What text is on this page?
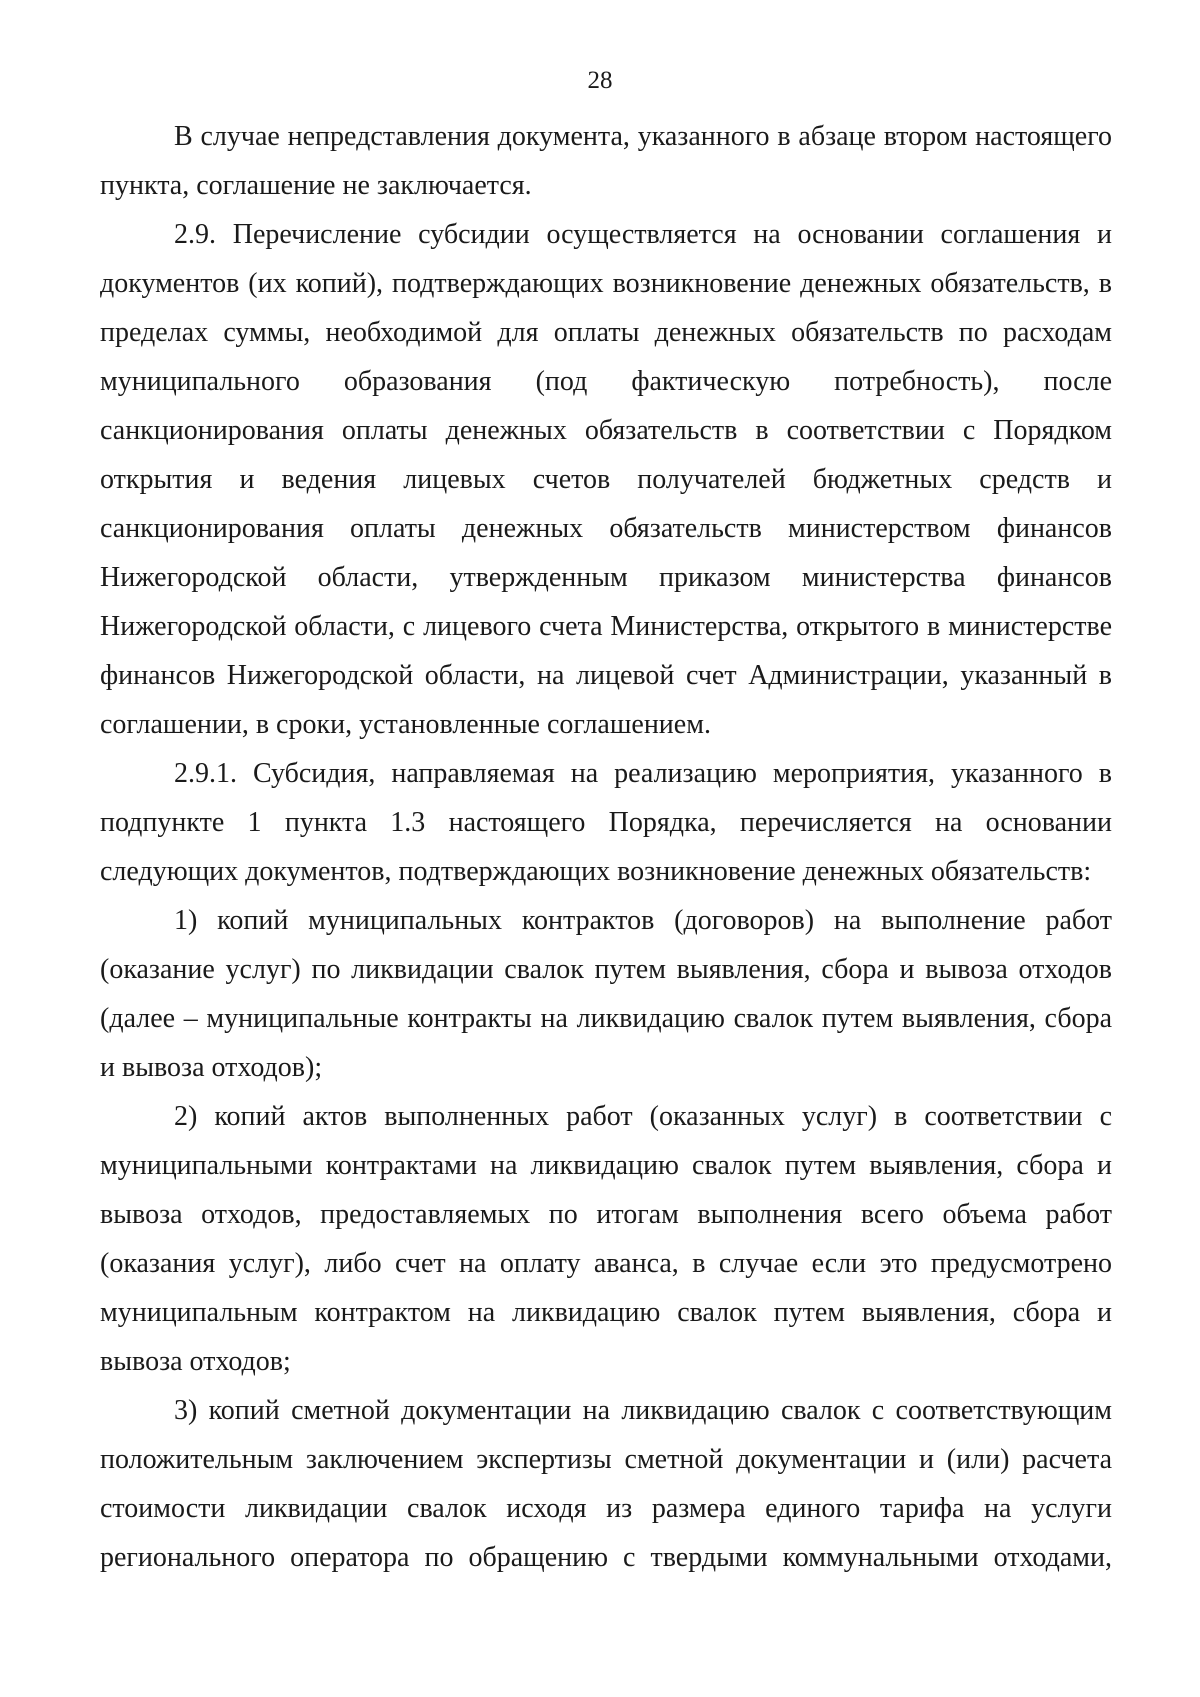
28

В случае непредставления документа, указанного в абзаце втором настоящего пункта, соглашение не заключается.

2.9. Перечисление субсидии осуществляется на основании соглашения и документов (их копий), подтверждающих возникновение денежных обязательств, в пределах суммы, необходимой для оплаты денежных обязательств по расходам муниципального образования (под фактическую потребность), после санкционирования оплаты денежных обязательств в соответствии с Порядком открытия и ведения лицевых счетов получателей бюджетных средств и санкционирования оплаты денежных обязательств министерством финансов Нижегородской области, утвержденным приказом министерства финансов Нижегородской области, с лицевого счета Министерства, открытого в министерстве финансов Нижегородской области, на лицевой счет Администрации, указанный в соглашении, в сроки, установленные соглашением.

2.9.1. Субсидия, направляемая на реализацию мероприятия, указанного в подпункте 1 пункта 1.3 настоящего Порядка, перечисляется на основании следующих документов, подтверждающих возникновение денежных обязательств:

1) копий муниципальных контрактов (договоров) на выполнение работ (оказание услуг) по ликвидации свалок путем выявления, сбора и вывоза отходов (далее – муниципальные контракты на ликвидацию свалок путем выявления, сбора и вывоза отходов);

2) копий актов выполненных работ (оказанных услуг) в соответствии с муниципальными контрактами на ликвидацию свалок путем выявления, сбора и вывоза отходов, предоставляемых по итогам выполнения всего объема работ (оказания услуг), либо счет на оплату аванса, в случае если это предусмотрено муниципальным контрактом на ликвидацию свалок путем выявления, сбора и вывоза отходов;

3) копий сметной документации на ликвидацию свалок с соответствующим положительным заключением экспертизы сметной документации и (или) расчета стоимости ликвидации свалок исходя из размера единого тарифа на услуги регионального оператора по обращению с твердыми коммунальными отходами,
